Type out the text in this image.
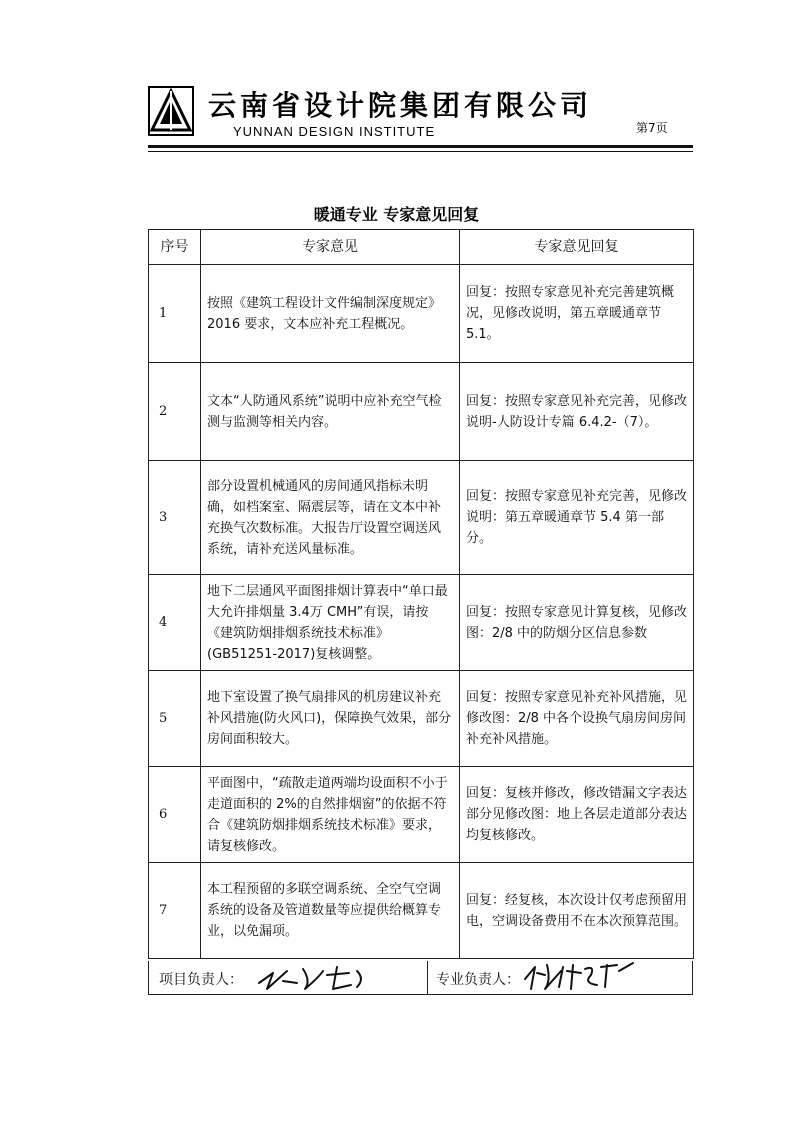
云南省设计院集团有限公司
YUNNAN DESIGN INSTITUTE	第7页
暖通专业 专家意见回复
序号	专家意见	专家意见回复
1	按照《建筑工程设计文件编制深度规定》2016 要求，文本应补充工程概况。	回复：按照专家意见补充完善建筑概况，见修改说明，第五章暖通章节 5.1。
2	文本“人防通风系统”说明中应补充空气检测与监测等相关内容。	回复：按照专家意见补充完善，见修改说明-人防设计专篇 6.4.2-（7）。
3	部分设置机械通风的房间通风指标未明确，如档案室、隔震层等，请在文本中补充换气次数标准。大报告厅设置空调送风系统，请补充送风量标准。	回复：按照专家意见补充完善，见修改说明：第五章暖通章节 5.4 第一部分。
4	地下二层通风平面图排烟计算表中“单口最大允许排烟量 3.4万 CMH”有误，请按《建筑防烟排烟系统技术标准》(GB51251-2017)复核调整。	回复：按照专家意见计算复核，见修改图：2/8 中的防烟分区信息参数
5	地下室设置了换气扇排风的机房建议补充补风措施(防火风口)，保障换气效果，部分房间面积较大。	回复：按照专家意见补充补风措施，见修改图：2/8 中各个设换气扇房间房间补充补风措施。
6	平面图中，“疏散走道两端均设面积不小于走道面积的 2%的自然排烟窗”的依据不符合《建筑防烟排烟系统技术标准》要求，请复核修改。	回复：复核并修改，修改错漏文字表达部分见修改图：地上各层走道部分表达均复核修改。
7	本工程预留的多联空调系统、全空气空调系统的设备及管道数量等应提供给概算专业，以免漏项。	回复：经复核，本次设计仅考虑预留用电，空调设备费用不在本次预算范围。
项目负责人：	专业负责人：
